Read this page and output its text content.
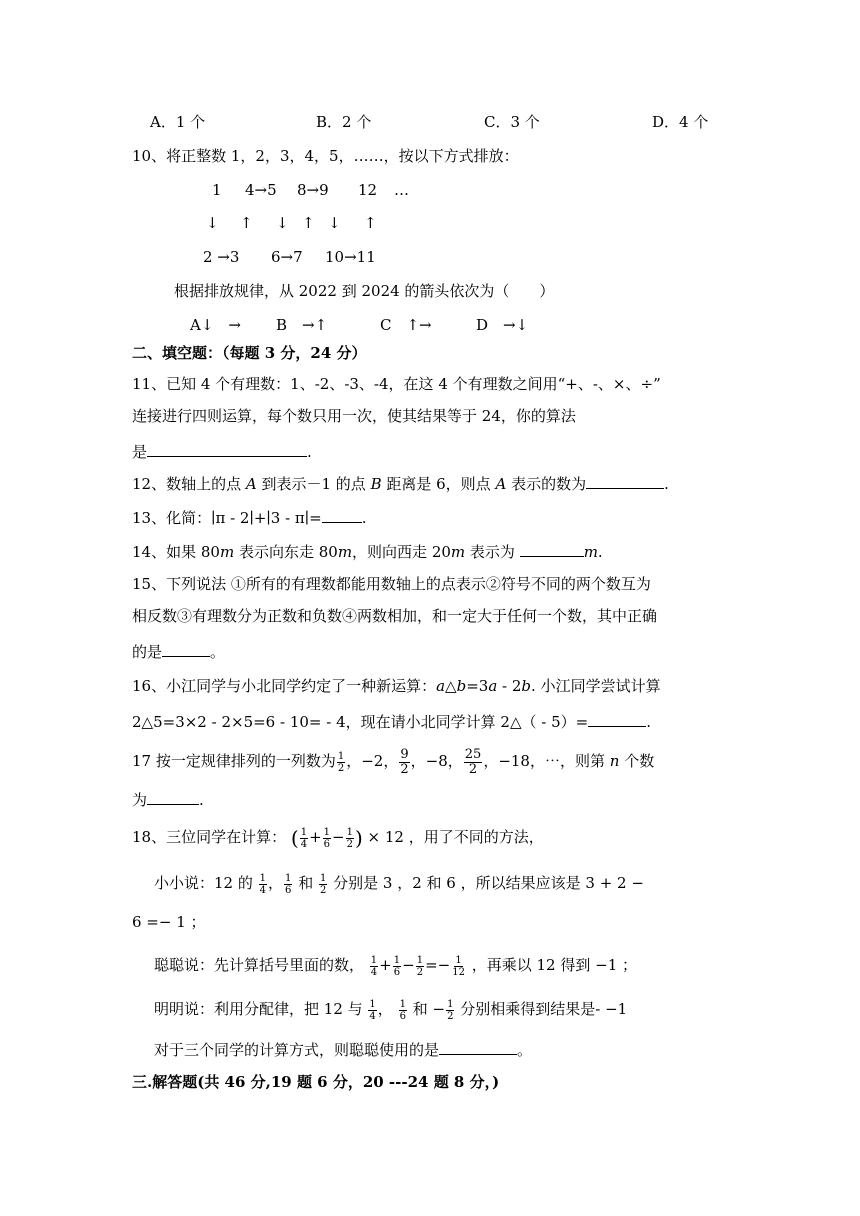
A．1 个	B．2 个	C．3 个	D．4 个
10、将正整数 1，2，3，4，5，……，按以下方式排放：
1 4→5 8→9 12 …
↓ ↑ ↓ ↑ ↓ ↑
2 →3 6→7 10→11
根据排放规律，从 2022 到 2024 的箭头依次为（　　）
A↓　→ B　→↑	C　↑→	D　→↓
二、填空题：（每题 3 分，24 分）
11、已知 4 个有理数：1、-2、-3、-4，在这 4 个有理数之间用“+、-、×、÷”
连接进行四则运算，每个数只用一次，使其结果等于 24，你的算法
是	.
12、数轴上的点 A 到表示－1 的点 B 距离是 6，则点 A 表示的数为	.
13、化简：∣π - 2∣+∣3 - π∣=	.
14、如果 80m 表示向东走 80m，则向西走 20m 表示为	m.
15、下列说法 ①所有的有理数都能用数轴上的点表示②符号不同的两个数互为
相反数③有理数分为正数和负数④两数相加，和一定大于任何一个数，其中正确
的是	。
16、小江同学与小北同学约定了一种新运算：a△b=3a - 2b. 小江同学尝试计算
2△5=3×2 - 2×5=6 - 10= - 4，现在请小北同学计算 2△（ - 5）=	.
17 按一定规律排列的一列数为 $\frac{1}{2}$ ，−2， $\frac{9}{2}$ ，−8， $\frac{25}{2}$ ，−18，⋯，则第 n 个数
为	.
18、三位同学在计算： ( $\frac{1}{4} + \frac{1}{6} - \frac{1}{2}$ ) × 12 ，用了不同的方法，
小小说：12 的 $\frac{1}{4}$ ， $\frac{1}{6}$ 和 $\frac{1}{2}$ 分别是 3 ，2 和 6 ，所以结果应该是 3 + 2 −
6 =− 1 ；
聪聪说：先计算括号里面的数， $\frac{1}{4} + \frac{1}{6} - \frac{1}{2} =- \frac{1}{12}$ ，再乘以 12 得到 −1 ；
明明说：利用分配律，把 12 与 $\frac{1}{4}$ ， $\frac{1}{6}$ 和 − $\frac{1}{2}$ 分别相乘得到结果是- −1
对于三个同学的计算方式，则聪聪使用的是	。
三.解答题(共 46 分,19 题 6 分，20 ---24 题 8 分，)
